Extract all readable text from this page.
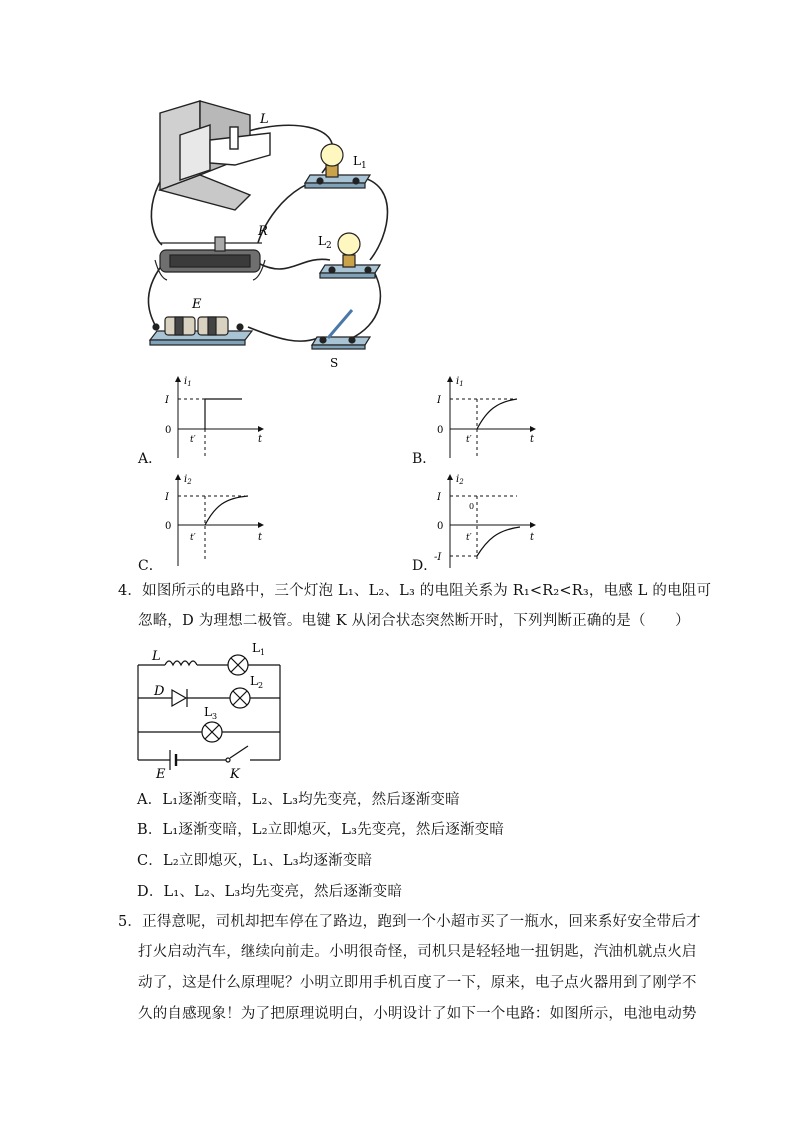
L
$L_1$
$L_2$
R
E
S
$i_1$
I
0
t′	t
A．
$i_1$
I
0
t′	t
B．
$i_2$
I
0
t′	t
C．
$i_2$
I
0
-I
0
t′	t
D．
4．如图所示的电路中，三个灯泡 L₁、L₂、L₃ 的电阻关系为 R₁<R₂<R₃，电感 L 的电阻可
忽略，D 为理想二极管。电键 K 从闭合状态突然断开时，下列判断正确的是（　　）
L
$L_1$
D
$L_2$
$L_3$
E	K
A．L₁逐渐变暗，L₂、L₃均先变亮，然后逐渐变暗
B．L₁逐渐变暗，L₂立即熄灭，L₃先变亮，然后逐渐变暗
C．L₂立即熄灭，L₁、L₃均逐渐变暗
D．L₁、L₂、L₃均先变亮，然后逐渐变暗
5．正得意呢，司机却把车停在了路边，跑到一个小超市买了一瓶水，回来系好安全带后才
打火启动汽车，继续向前走。小明很奇怪，司机只是轻轻地一扭钥匙，汽油机就点火启
动了，这是什么原理呢？小明立即用手机百度了一下，原来，电子点火器用到了刚学不
久的自感现象！为了把原理说明白，小明设计了如下一个电路：如图所示，电池电动势
